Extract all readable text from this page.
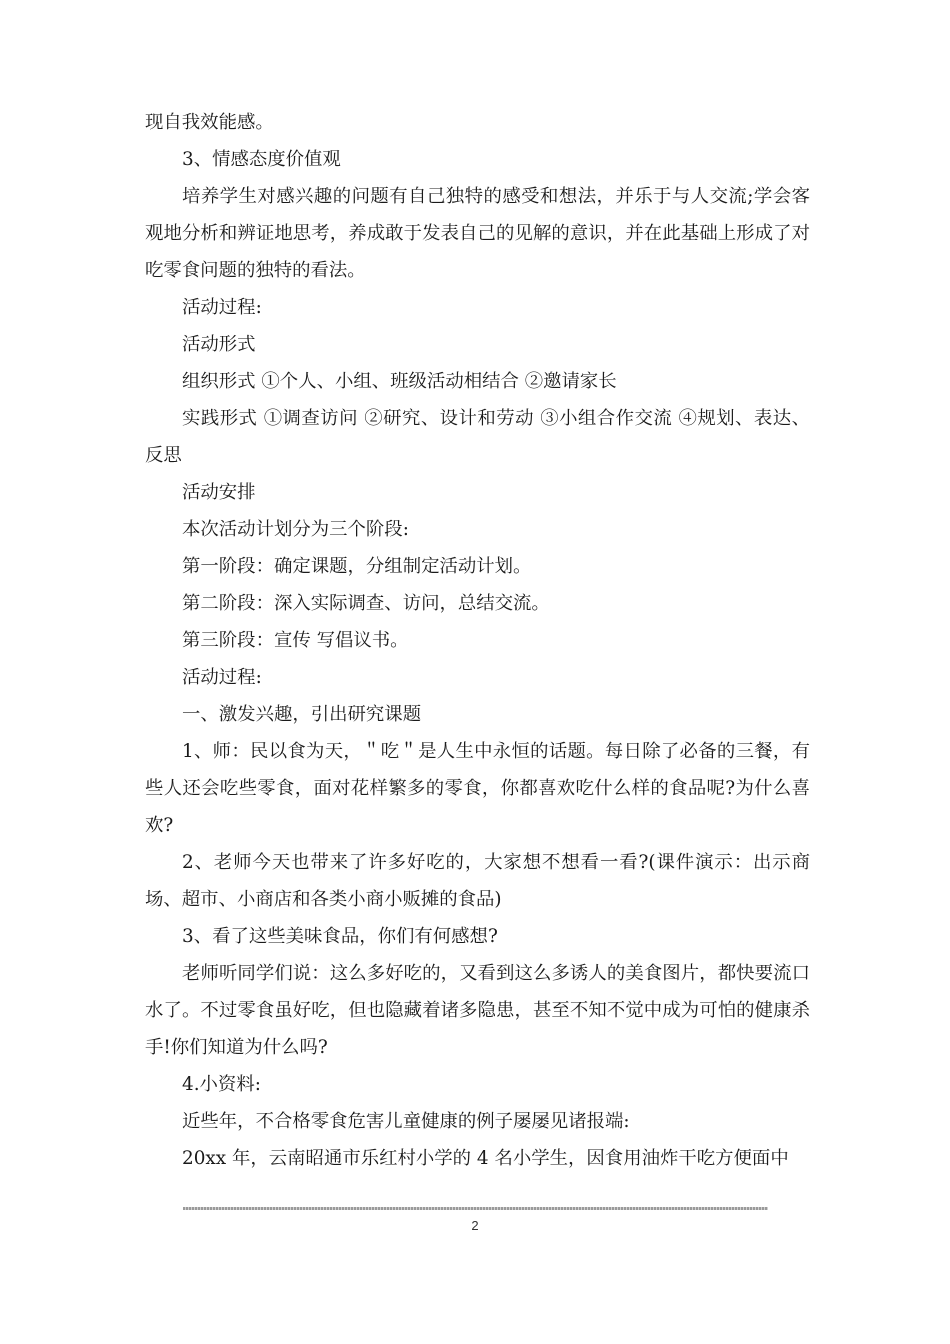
现自我效能感。

3、情感态度价值观

培养学生对感兴趣的问题有自己独特的感受和想法，并乐于与人交流;学会客观地分析和辨证地思考，养成敢于发表自己的见解的意识，并在此基础上形成了对吃零食问题的独特的看法。

活动过程:

活动形式

组织形式 ①个人、小组、班级活动相结合 ②邀请家长

实践形式 ①调查访问 ②研究、设计和劳动 ③小组合作交流 ④规划、表达、反思

活动安排

本次活动计划分为三个阶段:

第一阶段：确定课题，分组制定活动计划。

第二阶段：深入实际调查、访问，总结交流。

第三阶段：宣传 写倡议书。

活动过程:

一、激发兴趣，引出研究课题

1、师：民以食为天，＂吃＂是人生中永恒的话题。每日除了必备的三餐，有些人还会吃些零食，面对花样繁多的零食，你都喜欢吃什么样的食品呢?为什么喜欢?

2、老师今天也带来了许多好吃的，大家想不想看一看?(课件演示：出示商场、超市、小商店和各类小商小贩摊的食品)

3、看了这些美味食品，你们有何感想?

老师听同学们说：这么多好吃的，又看到这么多诱人的美食图片，都快要流口水了。不过零食虽好吃，但也隐藏着诸多隐患，甚至不知不觉中成为可怕的健康杀手!你们知道为什么吗?

4.小资料:

近些年，不合格零食危害儿童健康的例子屡屡见诸报端:

20xx 年，云南昭通市乐红村小学的 4 名小学生，因食用油炸干吃方便面中

2
